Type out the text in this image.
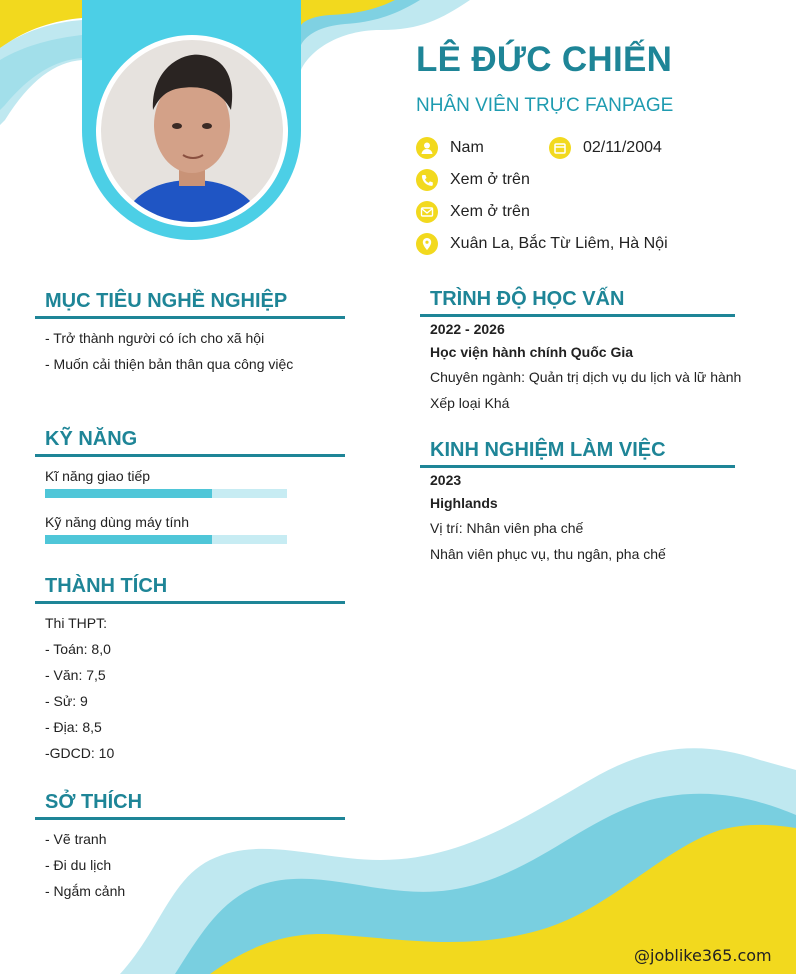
LÊ ĐỨC CHIẾN
NHÂN VIÊN TRỰC FANPAGE
Nam	02/11/2004
Xem ở trên
Xem ở trên
Xuân La, Bắc Từ Liêm, Hà Nội
MỤC TIÊU NGHỀ NGHIỆP
- Trở thành người có ích cho xã hội
- Muốn cải thiện bản thân qua công việc
KỸ NĂNG
Kĩ năng giao tiếp
Kỹ năng dùng máy tính
THÀNH TÍCH
Thi THPT:
- Toán: 8,0
- Văn: 7,5
- Sử: 9
- Địa: 8,5
-GDCD: 10
SỞ THÍCH
- Vẽ tranh
- Đi du lịch
- Ngắm cảnh
TRÌNH ĐỘ HỌC VẤN
2022 - 2026
Học viện hành chính Quốc Gia
Chuyên ngành: Quản trị dịch vụ du lịch và lữ hành
Xếp loại Khá
KINH NGHIỆM LÀM VIỆC
2023
Highlands
Vị trí: Nhân viên pha chế
Nhân viên phục vụ, thu ngân, pha chế
@joblike365.com
